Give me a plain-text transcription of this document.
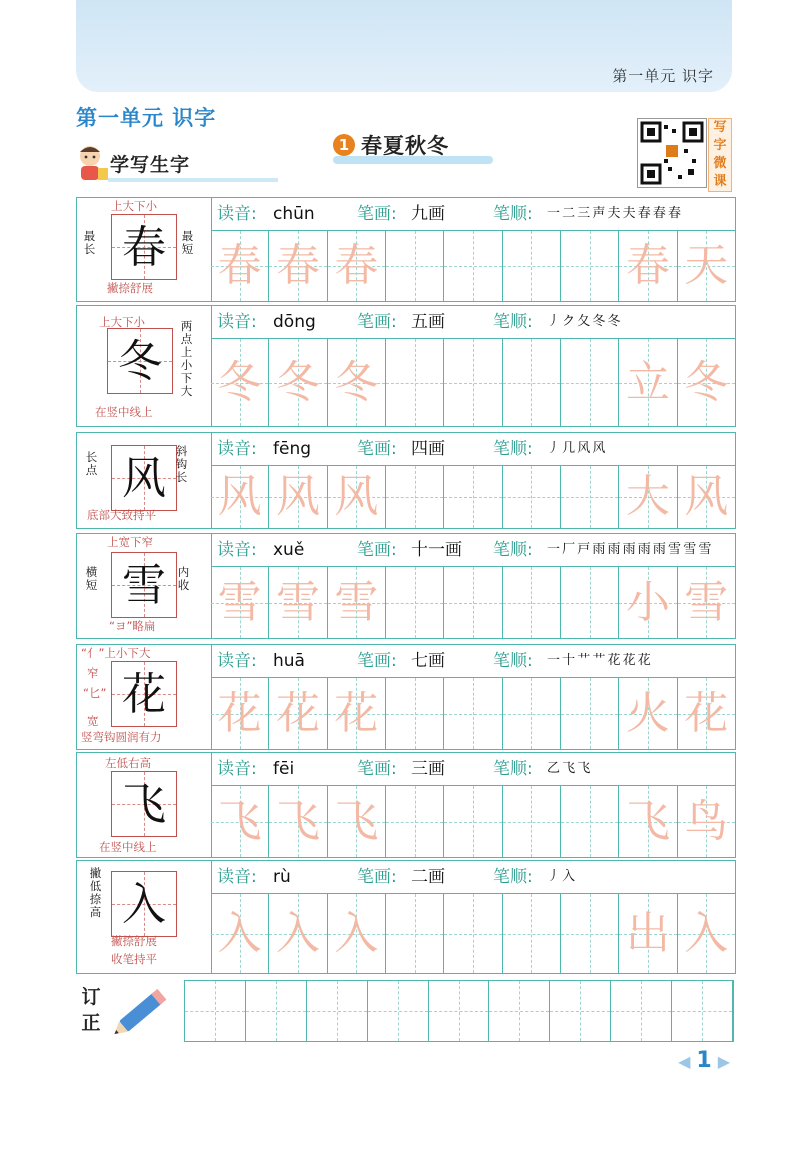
第一单元 识字
第一单元 识字
学写生字
1 春夏秋冬
写字微课
春
上大下小
最长
最短
撇捺舒展
读音: chūn 笔画: 九画	笔顺: 一 二 三 声 夫 夫 春 春 春
春 春 春	春 天
冬
上大下小	两点上小下大
在竖中线上
读音: dōng 笔画: 五画	笔顺: 丿 ク 夂 冬 冬
冬 冬 冬	立 冬
风
长点
斜钩长
底部大致持平
读音: fēng	笔画: 四画	笔顺: 丿 几 风 风
风 风 风	大 风
雪
上宽下窄
横短
内收
“ヨ”略扁
读音: xuě	笔画: 十一画 笔顺: 一 厂 戸 雨 雨 雨 雨 雨 雪 雪 雪
雪 雪 雪	小 雪
花
“亻”上小下大
窄
“匕”
宽
竖弯钩圆润有力
读音: huā	笔画: 七画	笔顺: 一 十 艹 艹 花 花 花
花 花 花	火 花
飞
左低右高
在竖中线上
读音: fēi	笔画: 三画	笔顺: 乙 飞 飞
飞 飞 飞	飞 鸟
入
撇低捺高
撇捺舒展
收笔持平
读音: rù	笔画: 二画	笔顺: 丿 入
入 入 入	出 入
订正
◀ 1 ▶
